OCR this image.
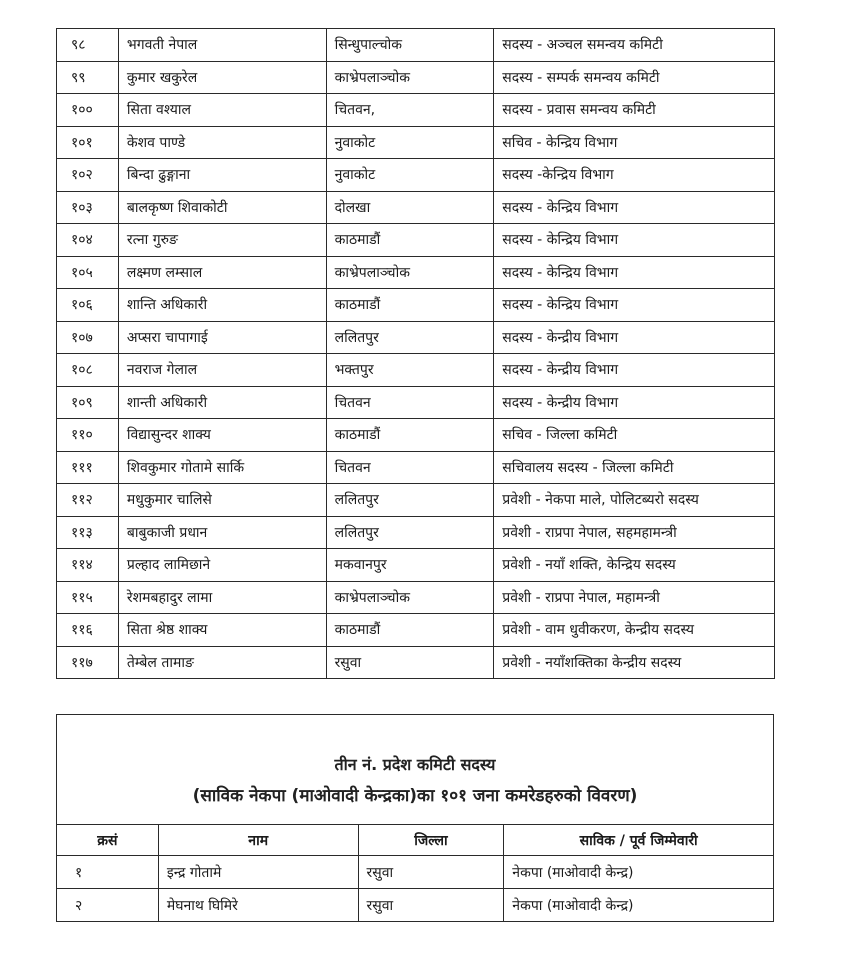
९८	भगवती नेपाल	सिन्धुपाल्चोक	सदस्य - अञ्चल समन्वय कमिटी
९९	कुमार खकुरेल	काभ्रेपलाञ्चोक	सदस्य - सम्पर्क समन्वय कमिटी
१००	सिता वश्याल	चितवन,	सदस्य - प्रवास समन्वय कमिटी
१०१	केशव पाण्डे	नुवाकोट	सचिव - केन्द्रिय विभाग
१०२	बिन्दा ढुङ्गाना	नुवाकोट	सदस्य -केन्द्रिय विभाग
१०३	बालकृष्ण शिवाकोटी	दोलखा	सदस्य - केन्द्रिय विभाग
१०४	रत्ना गुरुङ	काठमाडौं	सदस्य - केन्द्रिय विभाग
१०५	लक्ष्मण लम्साल	काभ्रेपलाञ्चोक	सदस्य - केन्द्रिय विभाग
१०६	शान्ति अधिकारी	काठमाडौं	सदस्य - केन्द्रिय विभाग
१०७	अप्सरा चापागाई	ललितपुर	सदस्य - केन्द्रीय विभाग
१०८	नवराज गेलाल	भक्तपुर	सदस्य - केन्द्रीय विभाग
१०९	शान्ती अधिकारी	चितवन	सदस्य - केन्द्रीय विभाग
११०	विद्यासुन्दर शाक्य	काठमाडौं	सचिव - जिल्ला कमिटी
१११	शिवकुमार गोतामे सार्कि	चितवन	सचिवालय सदस्य - जिल्ला कमिटी
११२	मधुकुमार चालिसे	ललितपुर	प्रवेशी - नेकपा माले, पोलिटब्यरो सदस्य
११३	बाबुकाजी प्रधान	ललितपुर	प्रवेशी - राप्रपा नेपाल, सहमहामन्त्री
११४	प्रल्हाद लामिछाने	मकवानपुर	प्रवेशी - नयाँ शक्ति, केन्द्रिय सदस्य
११५	रेशमबहादुर लामा	काभ्रेपलाञ्चोक	प्रवेशी - राप्रपा नेपाल, महामन्त्री
११६	सिता श्रेष्ठ शाक्य	काठमाडौं	प्रवेशी - वाम धुवीकरण, केन्द्रीय सदस्य
११७	तेम्बेल तामाङ	रसुवा	प्रवेशी - नयाँशक्तिका केन्द्रीय सदस्य
तीन नं. प्रदेश कमिटी सदस्य
(साविक नेकपा (माओवादी केन्द्रका)का १०१ जना कमरेडहरुको विवरण)
क्रसं	नाम	जिल्ला	साविक / पूर्व जिम्मेवारी
१	इन्द्र गोतामे	रसुवा	नेकपा (माओवादी केन्द्र)
२	मेघनाथ घिमिरे	रसुवा	नेकपा (माओवादी केन्द्र)
